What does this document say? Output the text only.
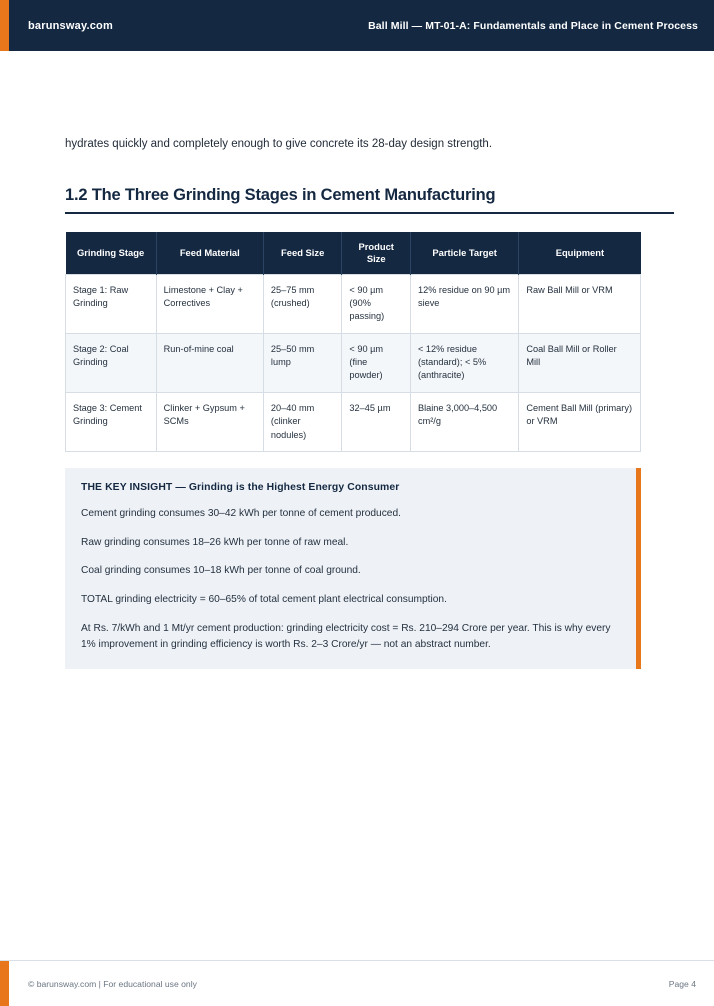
barunsway.com	Ball Mill — MT-01-A: Fundamentals and Place in Cement Process
hydrates quickly and completely enough to give concrete its 28-day design strength.
1.2 The Three Grinding Stages in Cement Manufacturing
Grinding Stage	Feed Material	Feed Size	Product Size	Particle Target	Equipment
Stage 1: Raw Grinding	Limestone + Clay + Correctives	25–75 mm (crushed)	< 90 µm (90% passing)	12% residue on 90 µm sieve	Raw Ball Mill or VRM
Stage 2: Coal Grinding	Run-of-mine coal	25–50 mm lump	< 90 µm (fine powder)	< 12% residue (standard); < 5% (anthracite)	Coal Ball Mill or Roller Mill
Stage 3: Cement Grinding	Clinker + Gypsum + SCMs	20–40 mm (clinker nodules)	32–45 µm	Blaine 3,000–4,500 cm²/g	Cement Ball Mill (primary) or VRM
THE KEY INSIGHT — Grinding is the Highest Energy Consumer

Cement grinding consumes 30–42 kWh per tonne of cement produced.

Raw grinding consumes 18–26 kWh per tonne of raw meal.

Coal grinding consumes 10–18 kWh per tonne of coal ground.

TOTAL grinding electricity = 60–65% of total cement plant electrical consumption.

At Rs. 7/kWh and 1 Mt/yr cement production: grinding electricity cost = Rs. 210–294 Crore per year. This is why every 1% improvement in grinding efficiency is worth Rs. 2–3 Crore/yr — not an abstract number.

© barunsway.com | For educational use only	Page 4
